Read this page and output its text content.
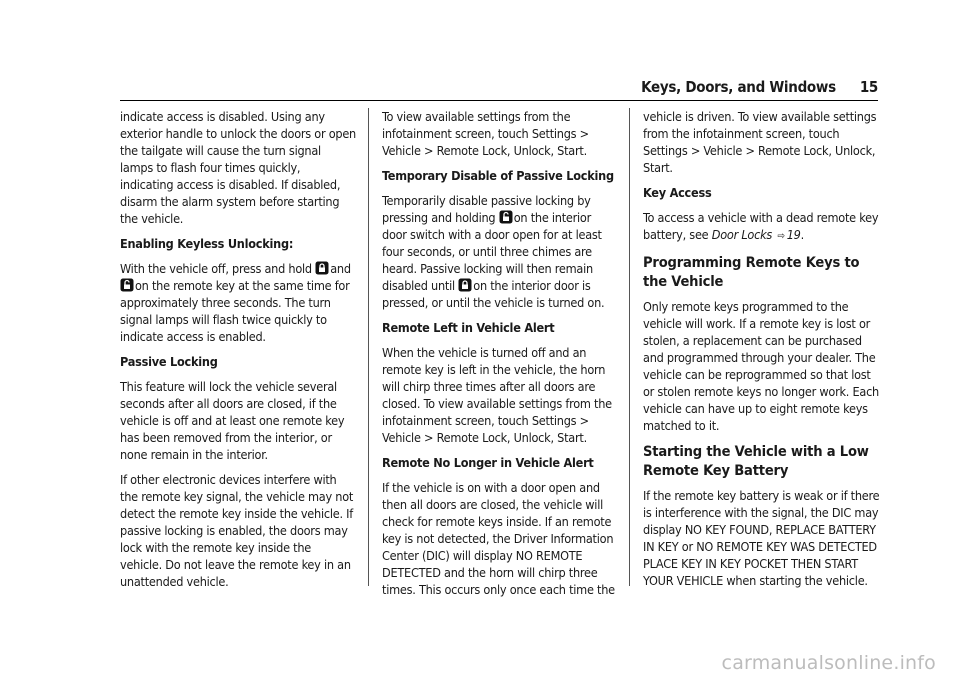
Keys, Doors, and Windows 15

indicate access is disabled. Using any exterior handle to unlock the doors or open the tailgate will cause the turn signal lamps to flash four times quickly, indicating access is disabled. If disabled, disarm the alarm system before starting the vehicle.

Enabling Keyless Unlocking:

With the vehicle off, press and hold and
on the remote key at the same time for approximately three seconds. The turn signal lamps will flash twice quickly to indicate access is enabled.

Passive Locking

This feature will lock the vehicle several seconds after all doors are closed, if the vehicle is off and at least one remote key has been removed from the interior, or none remain in the interior.

If other electronic devices interfere with the remote key signal, the vehicle may not detect the remote key inside the vehicle. If passive locking is enabled, the doors may lock with the remote key inside the vehicle. Do not leave the remote key in an unattended vehicle.

To view available settings from the infotainment screen, touch Settings > Vehicle > Remote Lock, Unlock, Start.

Temporary Disable of Passive Locking

Temporarily disable passive locking by pressing and holding on the interior door switch with a door open for at least four seconds, or until three chimes are heard. Passive locking will then remain disabled until on the interior door is pressed, or until the vehicle is turned on.

Remote Left in Vehicle Alert

When the vehicle is turned off and an remote key is left in the vehicle, the horn will chirp three times after all doors are closed. To view available settings from the infotainment screen, touch Settings > Vehicle > Remote Lock, Unlock, Start.

Remote No Longer in Vehicle Alert

If the vehicle is on with a door open and then all doors are closed, the vehicle will check for remote keys inside. If an remote key is not detected, the Driver Information Center (DIC) will display NO REMOTE DETECTED and the horn will chirp three times. This occurs only once each time the

vehicle is driven. To view available settings from the infotainment screen, touch Settings > Vehicle > Remote Lock, Unlock, Start.

Key Access

To access a vehicle with a dead remote key battery, see Door Locks ⇨ 19.

Programming Remote Keys to the Vehicle

Only remote keys programmed to the vehicle will work. If a remote key is lost or stolen, a replacement can be purchased and programmed through your dealer. The vehicle can be reprogrammed so that lost or stolen remote keys no longer work. Each vehicle can have up to eight remote keys matched to it.

Starting the Vehicle with a Low Remote Key Battery

If the remote key battery is weak or if there is interference with the signal, the DIC may display NO KEY FOUND, REPLACE BATTERY IN KEY or NO REMOTE KEY WAS DETECTED PLACE KEY IN KEY POCKET THEN START YOUR VEHICLE when starting the vehicle.

carmanualsonline.info
